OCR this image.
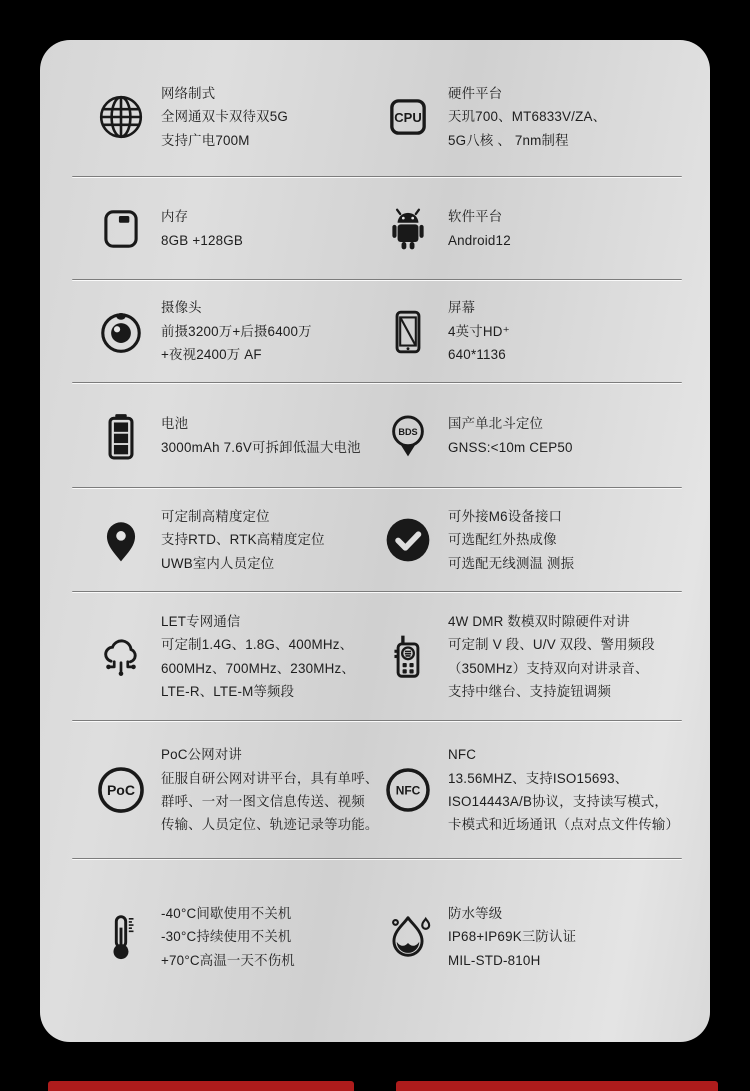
网络制式
全网通双卡双待双5G
支持广电700M
CPU
硬件平台
天玑700、MT6833V/ZA、
5G八核 、 7nm制程
内存
8GB +128GB
软件平台
Android12
摄像头
前摄3200万+后摄6400万
+夜视2400万 AF
屏幕
4英寸HD⁺
640*1136
电池
3000mAh 7.6V可拆卸低温大电池
BDS
国产单北斗定位
GNSS:<10m CEP50
可定制高精度定位
支持RTD、RTK高精度定位
UWB室内人员定位
可外接M6设备接口
可选配红外热成像
可选配无线测温 测振
LET专网通信
可定制1.4G、1.8G、400MHz、
600MHz、700MHz、230MHz、
LTE-R、LTE-M等频段
4W DMR 数模双时隙硬件对讲
可定制 V 段、U/V 双段、警用频段
（350MHz）支持双向对讲录音、
支持中继台、支持旋钮调频
PoC
PoC公网对讲
征服自研公网对讲平台，具有单呼、
群呼、一对一图文信息传送、视频
传输、人员定位、轨迹记录等功能。
NFC
NFC
13.56MHZ、支持ISO15693、
ISO14443A/B协议，支持读写模式，
卡模式和近场通讯（点对点文件传输）
-40°C间歇使用不关机
-30°C持续使用不关机
+70°C高温一天不伤机
防水等级
IP68+IP69K三防认证
MIL-STD-810H
